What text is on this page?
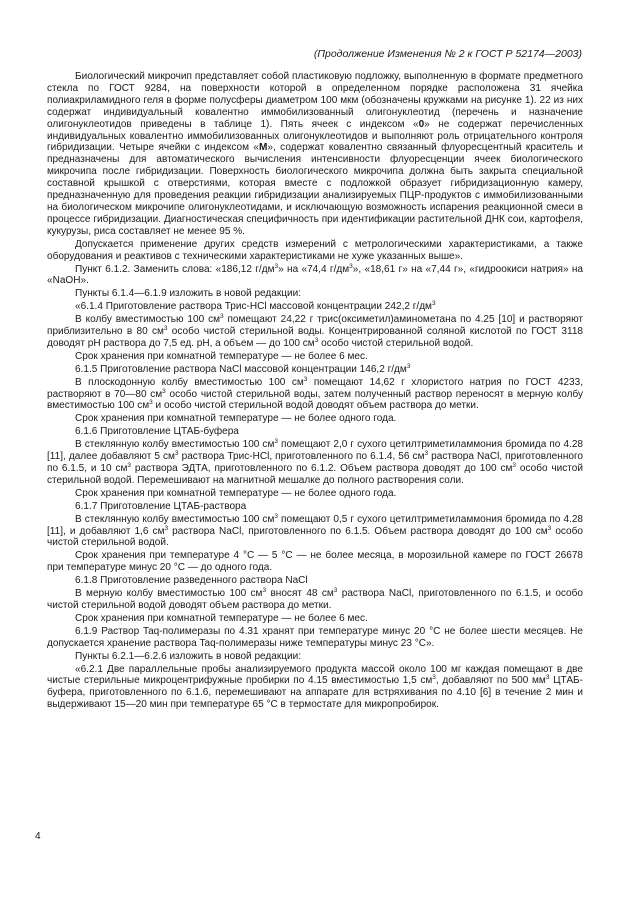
(Продолжение Изменения № 2 к ГОСТ Р 52174—2003)

Биологический микрочип представляет собой пластиковую подложку, выполненную в формате предметного стекла по ГОСТ 9284, на поверхности которой в определенном порядке расположена 31 ячейка полиакриламидного геля в форме полусферы диаметром 100 мкм (обозначены кружками на рисунке 1). 22 из них содержат индивидуальный ковалентно иммобилизованный олигонуклеотид (перечень и назначение олигонуклеотидов приведены в таблице 1). Пять ячеек с индексом «0» не содержат перечисленных индивидуальных ковалентно иммобилизованных олигонуклеотидов и выполняют роль отрицательного контроля гибридизации. Четыре ячейки с индексом «M», содержат ковалентно связанный флуоресцентный краситель и предназначены для автоматического вычисления интенсивности флуоресценции ячеек биологического микрочипа после гибридизации. Поверхность биологического микрочипа должна быть закрыта специальной составной крышкой с отверстиями, которая вместе с подложкой образует гибридизационную камеру, предназначенную для проведения реакции гибридизации анализируемых ПЦР-продуктов с иммобилизованными на биологическом микрочипе олигонуклеотидами, и исключающую возможность испарения реакционной смеси в процессе гибридизации. Диагностическая специфичность при идентификации растительной ДНК сои, картофеля, кукурузы, риса составляет не менее 95 %.

Допускается применение других средств измерений с метрологическими характеристиками, а также оборудования и реактивов с техническими характеристиками не хуже указанных выше».

Пункт 6.1.2. Заменить слова: «186,12 $г/дм^3$» на «74,4 $г/дм^3$», «18,61 г» на «7,44 г», «гидроокиси натрия» на «NaOH».

Пункты 6.1.4—6.1.9 изложить в новой редакции:

«6.1.4 Приготовление раствора Трис-HCl массовой концентрации 242,2 $г/дм^3$

В колбу вместимостью 100 $см^3$ помещают 24,22 г трис(оксиметил)аминометана по 4.25 [10] и растворяют приблизительно в 80 $см^3$ особо чистой стерильной воды. Концентрированной соляной кислотой по ГОСТ 3118 доводят pH раствора до 7,5 ед. pH, а объем — до 100 $см^3$ особо чистой стерильной водой.

Срок хранения при комнатной температуре — не более 6 мес.

6.1.5 Приготовление раствора NaCl массовой концентрации 146,2 $г/дм^3$

В плоскодонную колбу вместимостью 100 $см^3$ помещают 14,62 г хлористого натрия по ГОСТ 4233, растворяют в 70—80 $см^3$ особо чистой стерильной воды, затем полученный раствор переносят в мерную колбу вместимостью 100 $см^3$ и особо чистой стерильной водой доводят объем раствора до метки.

Срок хранения при комнатной температуре — не более одного года.

6.1.6 Приготовление ЦТАБ-буфера

В стеклянную колбу вместимостью 100 $см^3$ помещают 2,0 г сухого цетилтриметиламмония бромида по 4.28 [11], далее добавляют 5 $см^3$ раствора Трис-HCl, приготовленного по 6.1.4, 56 $см^3$ раствора NaCl, приготовленного по 6.1.5, и 10 $см^3$ раствора ЭДТА, приготовленного по 6.1.2. Объем раствора доводят до 100 $см^3$ особо чистой стерильной водой. Перемешивают на магнитной мешалке до полного растворения соли.

Срок хранения при комнатной температуре — не более одного года.

6.1.7 Приготовление ЦТАБ-раствора

В стеклянную колбу вместимостью 100 $см^3$ помещают 0,5 г сухого цетилтриметиламмония бромида по 4.28 [11], и добавляют 1,6 $см^3$ раствора NaCl, приготовленного по 6.1.5. Объем раствора доводят до 100 $см^3$ особо чистой стерильной водой.

Срок хранения при температуре 4 °С — 5 °С — не более месяца, в морозильной камере по ГОСТ 26678 при температуре минус 20 °С — до одного года.

6.1.8 Приготовление разведенного раствора NaCl

В мерную колбу вместимостью 100 $см^3$ вносят 48 $см^3$ раствора NaCl, приготовленного по 6.1.5, и особо чистой стерильной водой доводят объем раствора до метки.

Срок хранения при комнатной температуре — не более 6 мес.

6.1.9 Раствор Taq-полимеразы по 4.31 хранят при температуре минус 20 °С не более шести месяцев. Не допускается хранение раствора Taq-полимеразы ниже температуры минус 23 °С».

Пункты 6.2.1—6.2.6 изложить в новой редакции:

«6.2.1 Две параллельные пробы анализируемого продукта массой около 100 мг каждая помещают в две чистые стерильные микроцентрифужные пробирки по 4.15 вместимостью 1,5 $см^3$, добавляют по 500 $мм^3$ ЦТАБ-буфера, приготовленного по 6.1.6, перемешивают на аппарате для встряхивания по 4.10 [6] в течение 2 мин и выдерживают 15—20 мин при температуре 65 °С в термостате для микропробирок.

4
